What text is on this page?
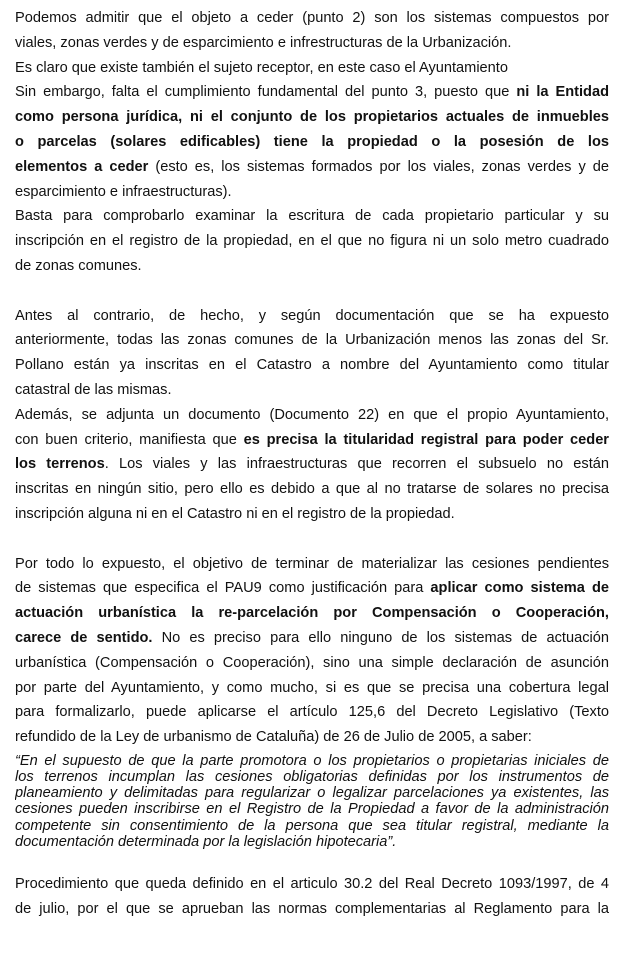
Podemos admitir que el objeto a ceder (punto 2) son los sistemas compuestos por
viales, zonas verdes y de esparcimiento e infrestructuras de la Urbanización.
Es claro que existe también el sujeto receptor, en este caso el Ayuntamiento
Sin embargo, falta el cumplimiento fundamental del punto 3, puesto que ni la Entidad
como persona jurídica, ni el conjunto de los propietarios actuales de inmuebles
o parcelas (solares edificables) tiene la propiedad o la posesión de los
elementos a ceder (esto es, los sistemas formados por los viales, zonas verdes y de
esparcimiento e infraestructuras).
Basta para comprobarlo examinar la escritura de cada propietario particular y su
inscripción en el registro de la propiedad, en el que no figura ni un solo metro cuadrado
de zonas comunes.
Antes al contrario, de hecho, y según documentación que se ha expuesto
anteriormente, todas las zonas comunes de la Urbanización menos las zonas del Sr.
Pollano están ya inscritas en el Catastro a nombre del Ayuntamiento como titular
catastral de las mismas.
Además, se adjunta un documento (Documento 22) en que el propio Ayuntamiento,
con buen criterio, manifiesta que es precisa la titularidad registral para poder ceder
los terrenos. Los viales y las infraestructuras que recorren el subsuelo no están
inscritas en ningún sitio, pero ello es debido a que al no tratarse de solares no precisa
inscripción alguna ni en el Catastro ni en el registro de la propiedad.
Por todo lo expuesto, el objetivo de terminar de materializar las cesiones pendientes
de sistemas que especifica el PAU9 como justificación para aplicar como sistema de
actuación urbanística la re-parcelación por Compensación o Cooperación,
carece de sentido. No es preciso para ello ninguno de los sistemas de actuación
urbanística (Compensación o Cooperación), sino una simple declaración de asunción
por parte del Ayuntamiento, y como mucho, si es que se precisa una cobertura legal
para formalizarlo, puede aplicarse el artículo 125,6 del Decreto Legislativo (Texto
refundido de la Ley de urbanismo de Cataluña) de 26 de Julio de 2005, a saber:
“En el supuesto de que la parte promotora o los propietarios o propietarias iniciales de
los terrenos incumplan las cesiones obligatorias definidas por los instrumentos de
planeamiento y delimitadas para regularizar o legalizar parcelaciones ya existentes, las
cesiones pueden inscribirse en el Registro de la Propiedad a favor de la administración
competente sin consentimiento de la persona que sea titular registral, mediante la
documentación determinada por la legislación hipotecaria”.
Procedimiento que queda definido en el articulo 30.2 del Real Decreto 1093/1997, de 4
de julio, por el que se aprueban las normas complementarias al Reglamento para la
